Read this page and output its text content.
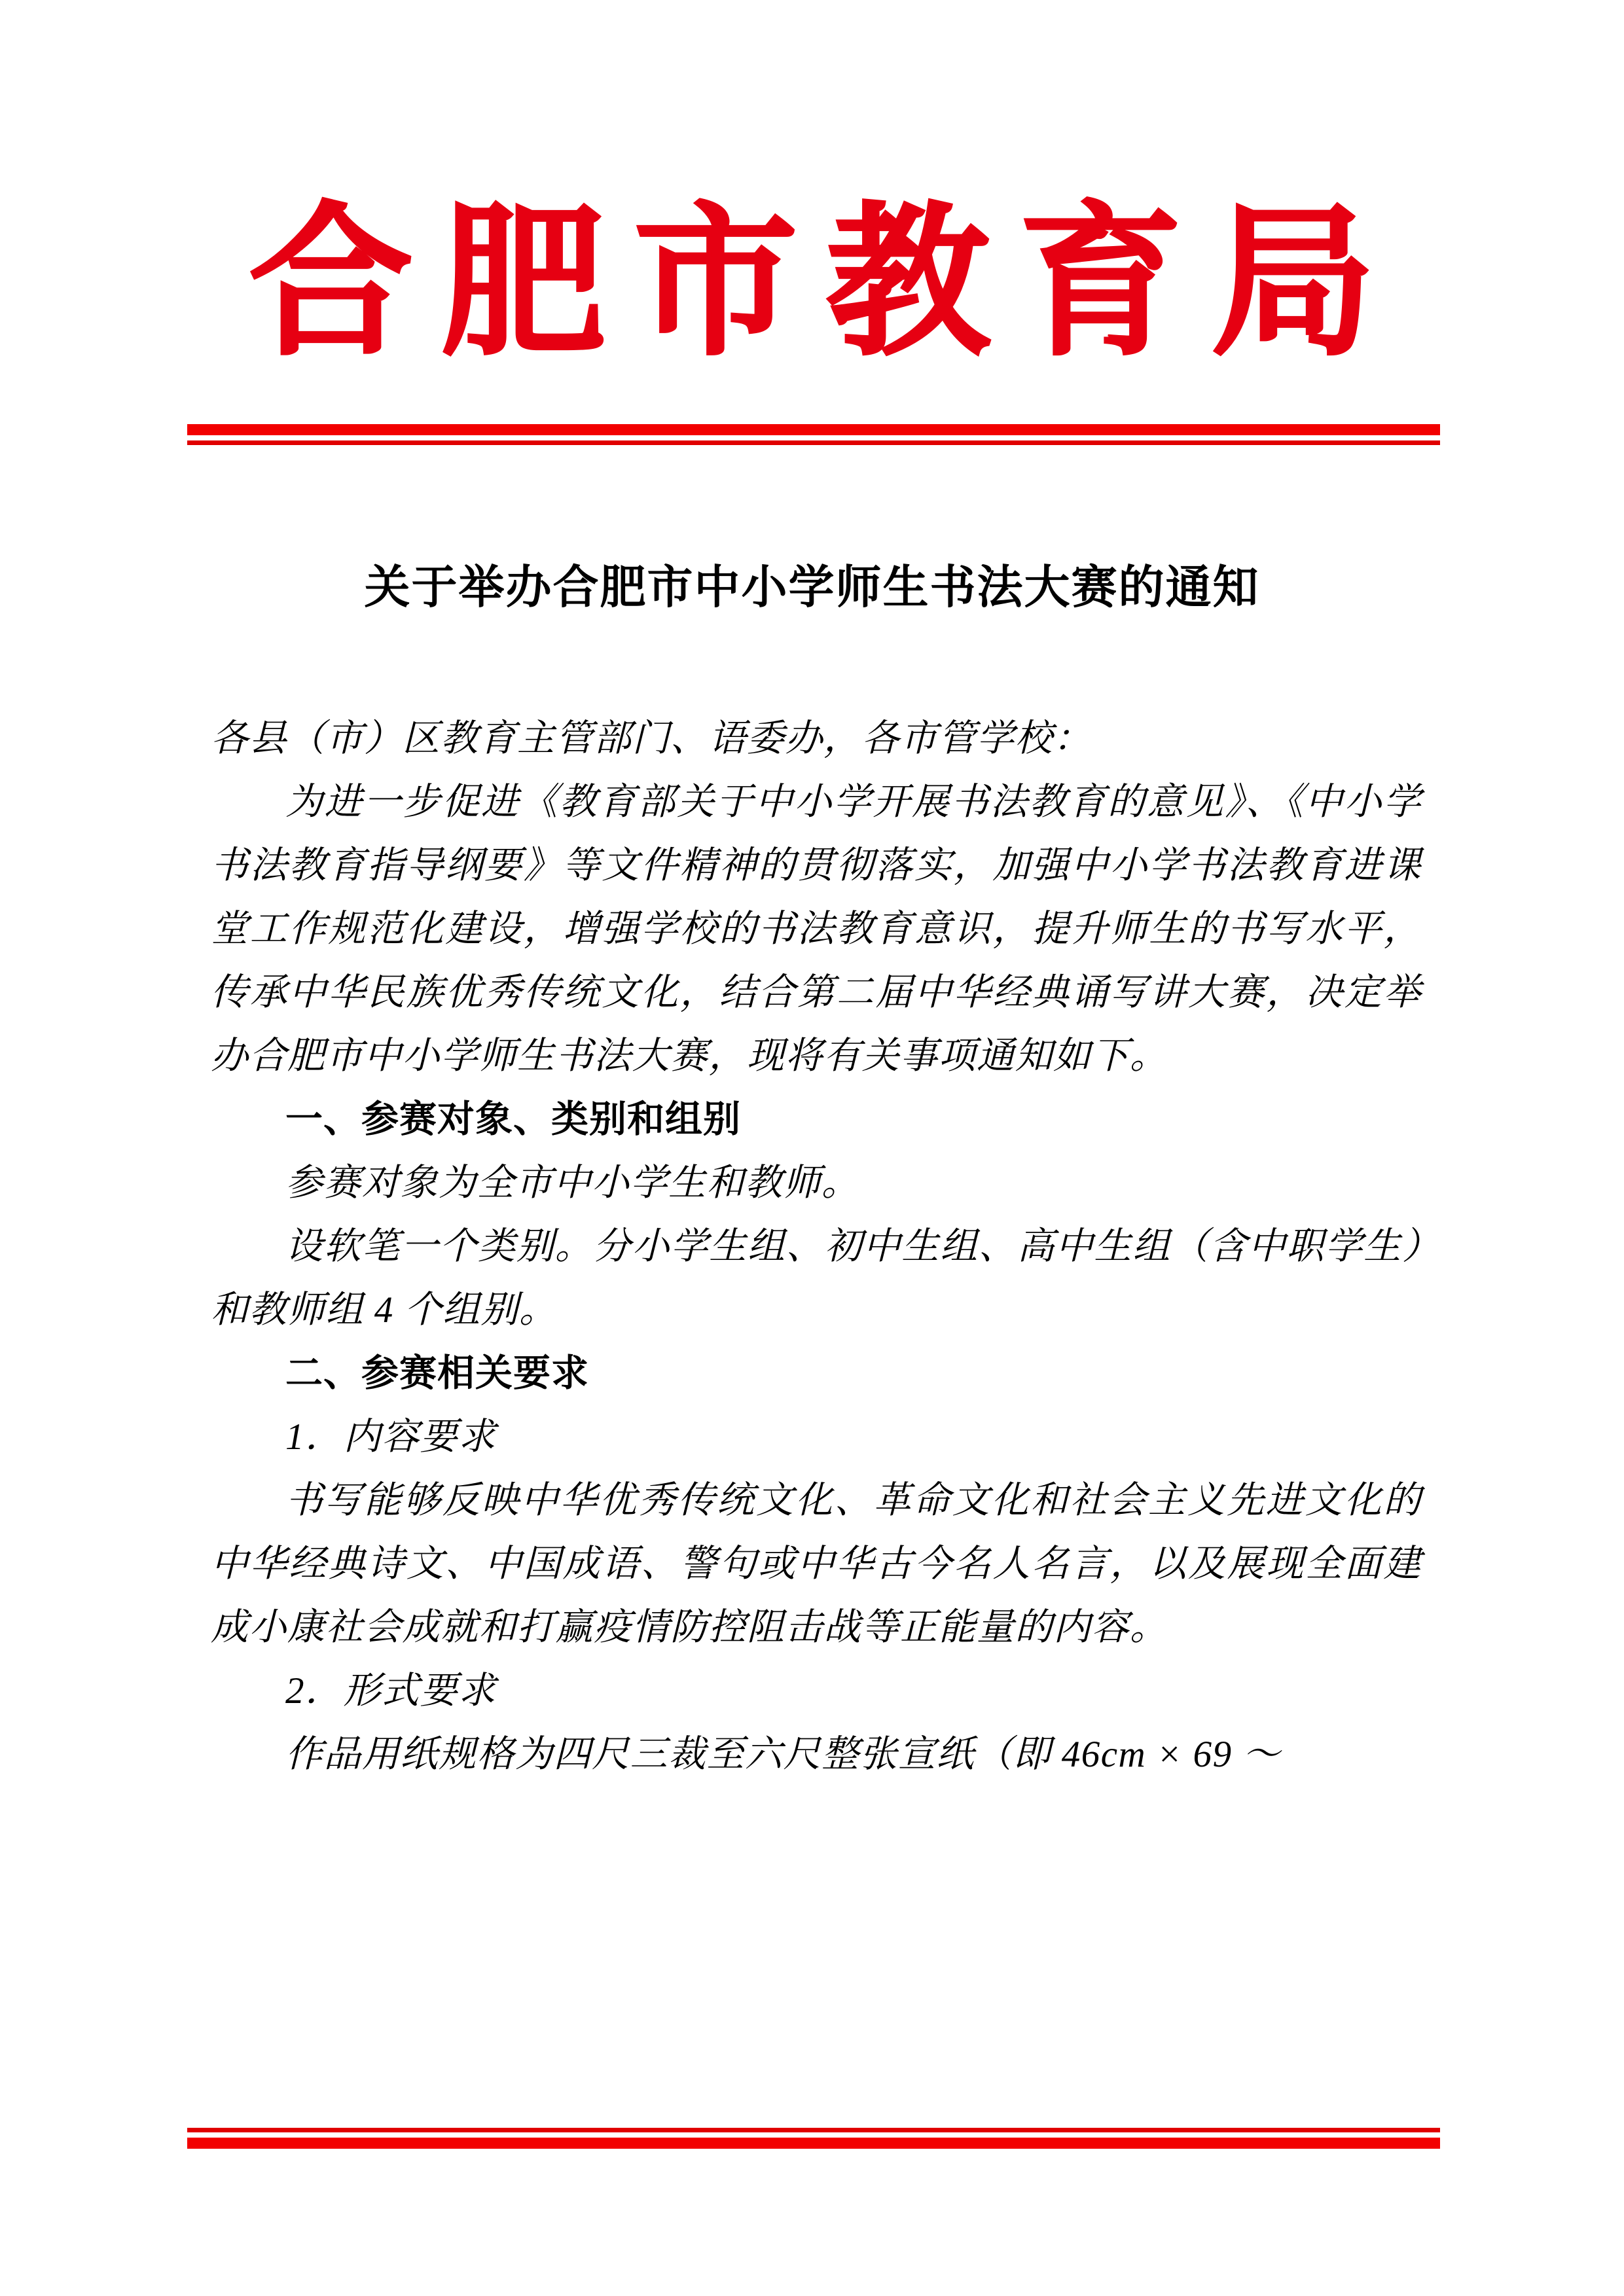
合肥市教育局
关于举办合肥市中小学师生书法大赛的通知

各县（市）区教育主管部门、语委办，各市管学校：

为进一步促进《教育部关于中小学开展书法教育的意见》、《中小学书法教育指导纲要》等文件精神的贯彻落实，加强中小学书法教育进课堂工作规范化建设，增强学校的书法教育意识，提升师生的书写水平，传承中华民族优秀传统文化，结合第二届中华经典诵写讲大赛，决定举办合肥市中小学师生书法大赛，现将有关事项通知如下。

一、参赛对象、类别和组别

参赛对象为全市中小学生和教师。

设软笔一个类别。分小学生组、初中生组、高中生组（含中职学生）和教师组 4 个组别。

二、参赛相关要求

1．内容要求

书写能够反映中华优秀传统文化、革命文化和社会主义先进文化的中华经典诗文、中国成语、警句或中华古今名人名言，以及展现全面建成小康社会成就和打赢疫情防控阻击战等正能量的内容。

2．形式要求

作品用纸规格为四尺三裁至六尺整张宣纸（即 46cm × 69 ～
